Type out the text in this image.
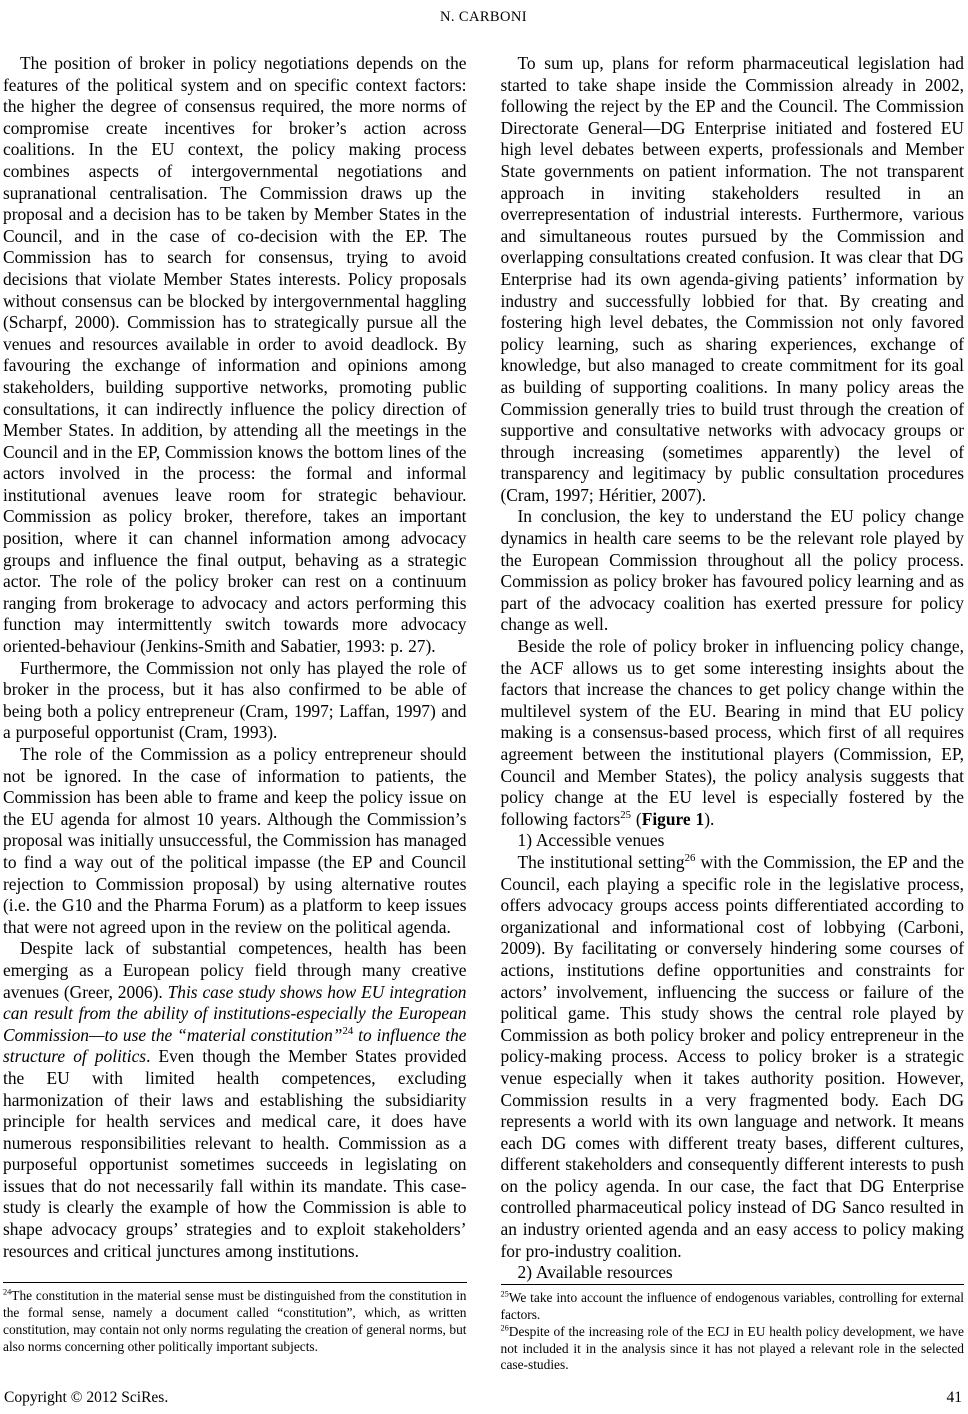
N. CARBONI

The position of broker in policy negotiations depends on the features of the political system and on specific context factors: the higher the degree of consensus required, the more norms of compromise create incentives for broker’s action across coalitions. In the EU context, the policy making process combines aspects of intergovernmental negotiations and supranational centralisation. The Commission draws up the proposal and a decision has to be taken by Member States in the Council, and in the case of co-decision with the EP. The Commission has to search for consensus, trying to avoid decisions that violate Member States interests. Policy proposals without consensus can be blocked by intergovernmental haggling (Scharpf, 2000). Commission has to strategically pursue all the venues and resources available in order to avoid deadlock. By favouring the exchange of information and opinions among stakeholders, building supportive networks, promoting public consultations, it can indirectly influence the policy direction of Member States. In addition, by attending all the meetings in the Council and in the EP, Commission knows the bottom lines of the actors involved in the process: the formal and informal institutional avenues leave room for strategic behaviour. Commission as policy broker, therefore, takes an important position, where it can channel information among advocacy groups and influence the final output, behaving as a strategic actor. The role of the policy broker can rest on a continuum ranging from brokerage to advocacy and actors performing this function may intermittently switch towards more advocacy oriented-behaviour (Jenkins-Smith and Sabatier, 1993: p. 27).

Furthermore, the Commission not only has played the role of broker in the process, but it has also confirmed to be able of being both a policy entrepreneur (Cram, 1997; Laffan, 1997) and a purposeful opportunist (Cram, 1993).

The role of the Commission as a policy entrepreneur should not be ignored. In the case of information to patients, the Commission has been able to frame and keep the policy issue on the EU agenda for almost 10 years. Although the Commission’s proposal was initially unsuccessful, the Commission has managed to find a way out of the political impasse (the EP and Council rejection to Commission proposal) by using alternative routes (i.e. the G10 and the Pharma Forum) as a platform to keep issues that were not agreed upon in the review on the political agenda.

Despite lack of substantial competences, health has been emerging as a European policy field through many creative avenues (Greer, 2006). This case study shows how EU integration can result from the ability of institutions-especially the European Commission—to use the “material constitution”$^{24}$ to influence the structure of politics. Even though the Member States provided the EU with limited health competences, excluding harmonization of their laws and establishing the subsidiarity principle for health services and medical care, it does have numerous responsibilities relevant to health. Commission as a purposeful opportunist sometimes succeeds in legislating on issues that do not necessarily fall within its mandate. This case-study is clearly the example of how the Commission is able to shape advocacy groups’ strategies and to exploit stakeholders’ resources and critical junctures among institutions.

$^{24}$The constitution in the material sense must be distinguished from the constitution in the formal sense, namely a document called “constitution”, which, as written constitution, may contain not only norms regulating the creation of general norms, but also norms concerning other politically important subjects.

To sum up, plans for reform pharmaceutical legislation had started to take shape inside the Commission already in 2002, following the reject by the EP and the Council. The Commission Directorate General—DG Enterprise initiated and fostered EU high level debates between experts, professionals and Member State governments on patient information. The not transparent approach in inviting stakeholders resulted in an overrepresentation of industrial interests. Furthermore, various and simultaneous routes pursued by the Commission and overlapping consultations created confusion. It was clear that DG Enterprise had its own agenda-giving patients’ information by industry and successfully lobbied for that. By creating and fostering high level debates, the Commission not only favored policy learning, such as sharing experiences, exchange of knowledge, but also managed to create commitment for its goal as building of supporting coalitions. In many policy areas the Commission generally tries to build trust through the creation of supportive and consultative networks with advocacy groups or through increasing (sometimes apparently) the level of transparency and legitimacy by public consultation procedures (Cram, 1997; Héritier, 2007).

In conclusion, the key to understand the EU policy change dynamics in health care seems to be the relevant role played by the European Commission throughout all the policy process. Commission as policy broker has favoured policy learning and as part of the advocacy coalition has exerted pressure for policy change as well.

Beside the role of policy broker in influencing policy change, the ACF allows us to get some interesting insights about the factors that increase the chances to get policy change within the multilevel system of the EU. Bearing in mind that EU policy making is a consensus-based process, which first of all requires agreement between the institutional players (Commission, EP, Council and Member States), the policy analysis suggests that policy change at the EU level is especially fostered by the following factors$^{25}$ (Figure 1).

1) Accessible venues

The institutional setting$^{26}$ with the Commission, the EP and the Council, each playing a specific role in the legislative process, offers advocacy groups access points differentiated according to organizational and informational cost of lobbying (Carboni, 2009). By facilitating or conversely hindering some courses of actions, institutions define opportunities and constraints for actors’ involvement, influencing the success or failure of the political game. This study shows the central role played by Commission as both policy broker and policy entrepreneur in the policy-making process. Access to policy broker is a strategic venue especially when it takes authority position. However, Commission results in a very fragmented body. Each DG represents a world with its own language and network. It means each DG comes with different treaty bases, different cultures, different stakeholders and consequently different interests to push on the policy agenda. In our case, the fact that DG Enterprise controlled pharmaceutical policy instead of DG Sanco resulted in an industry oriented agenda and an easy access to policy making for pro-industry coalition.

2) Available resources

$^{25}$We take into account the influence of endogenous variables, controlling for external factors.

$^{26}$Despite of the increasing role of the ECJ in EU health policy development, we have not included it in the analysis since it has not played a relevant role in the selected case-studies.

Copyright © 2012 SciRes.	41
